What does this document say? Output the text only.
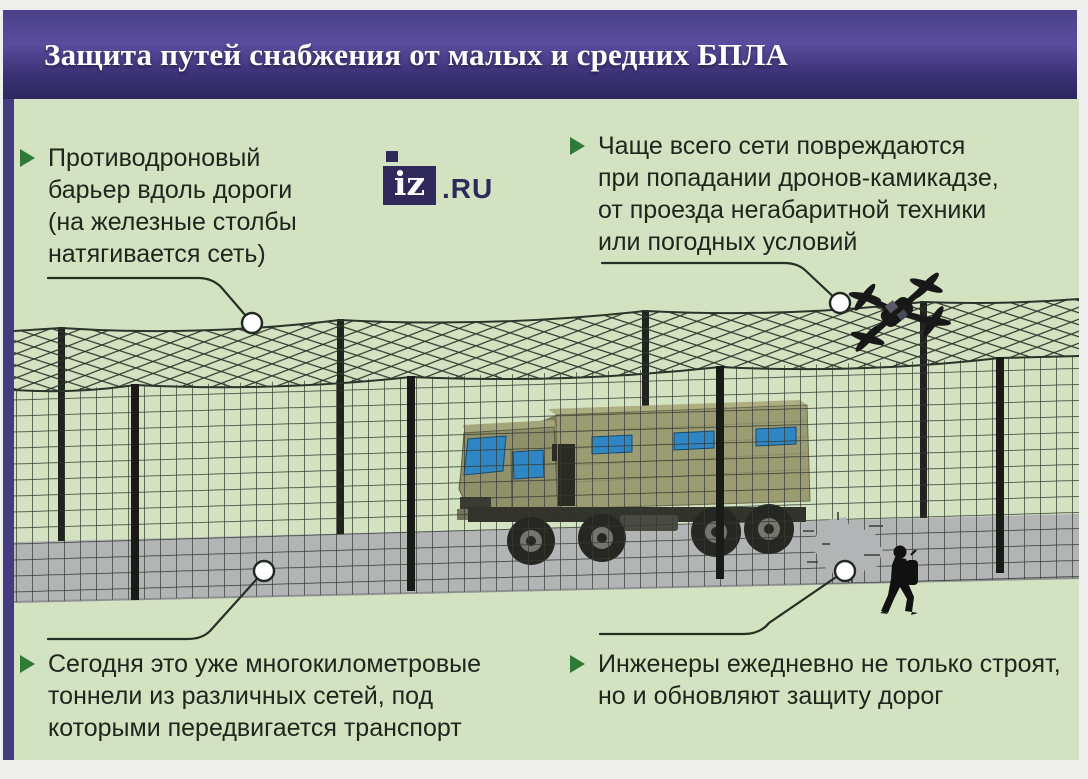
Защита путей снабжения от малых и средних БПЛА
iz .RU
Противодроновый
барьер вдоль дороги
(на железные столбы
натягивается сеть)
Чаще всего сети повреждаются
при попадании дронов-камикадзе,
от проезда негабаритной техники
или погодных условий
Сегодня это уже многокилометровые
тоннели из различных сетей, под
которыми передвигается транспорт
Инженеры ежедневно не только строят,
но и обновляют защиту дорог
